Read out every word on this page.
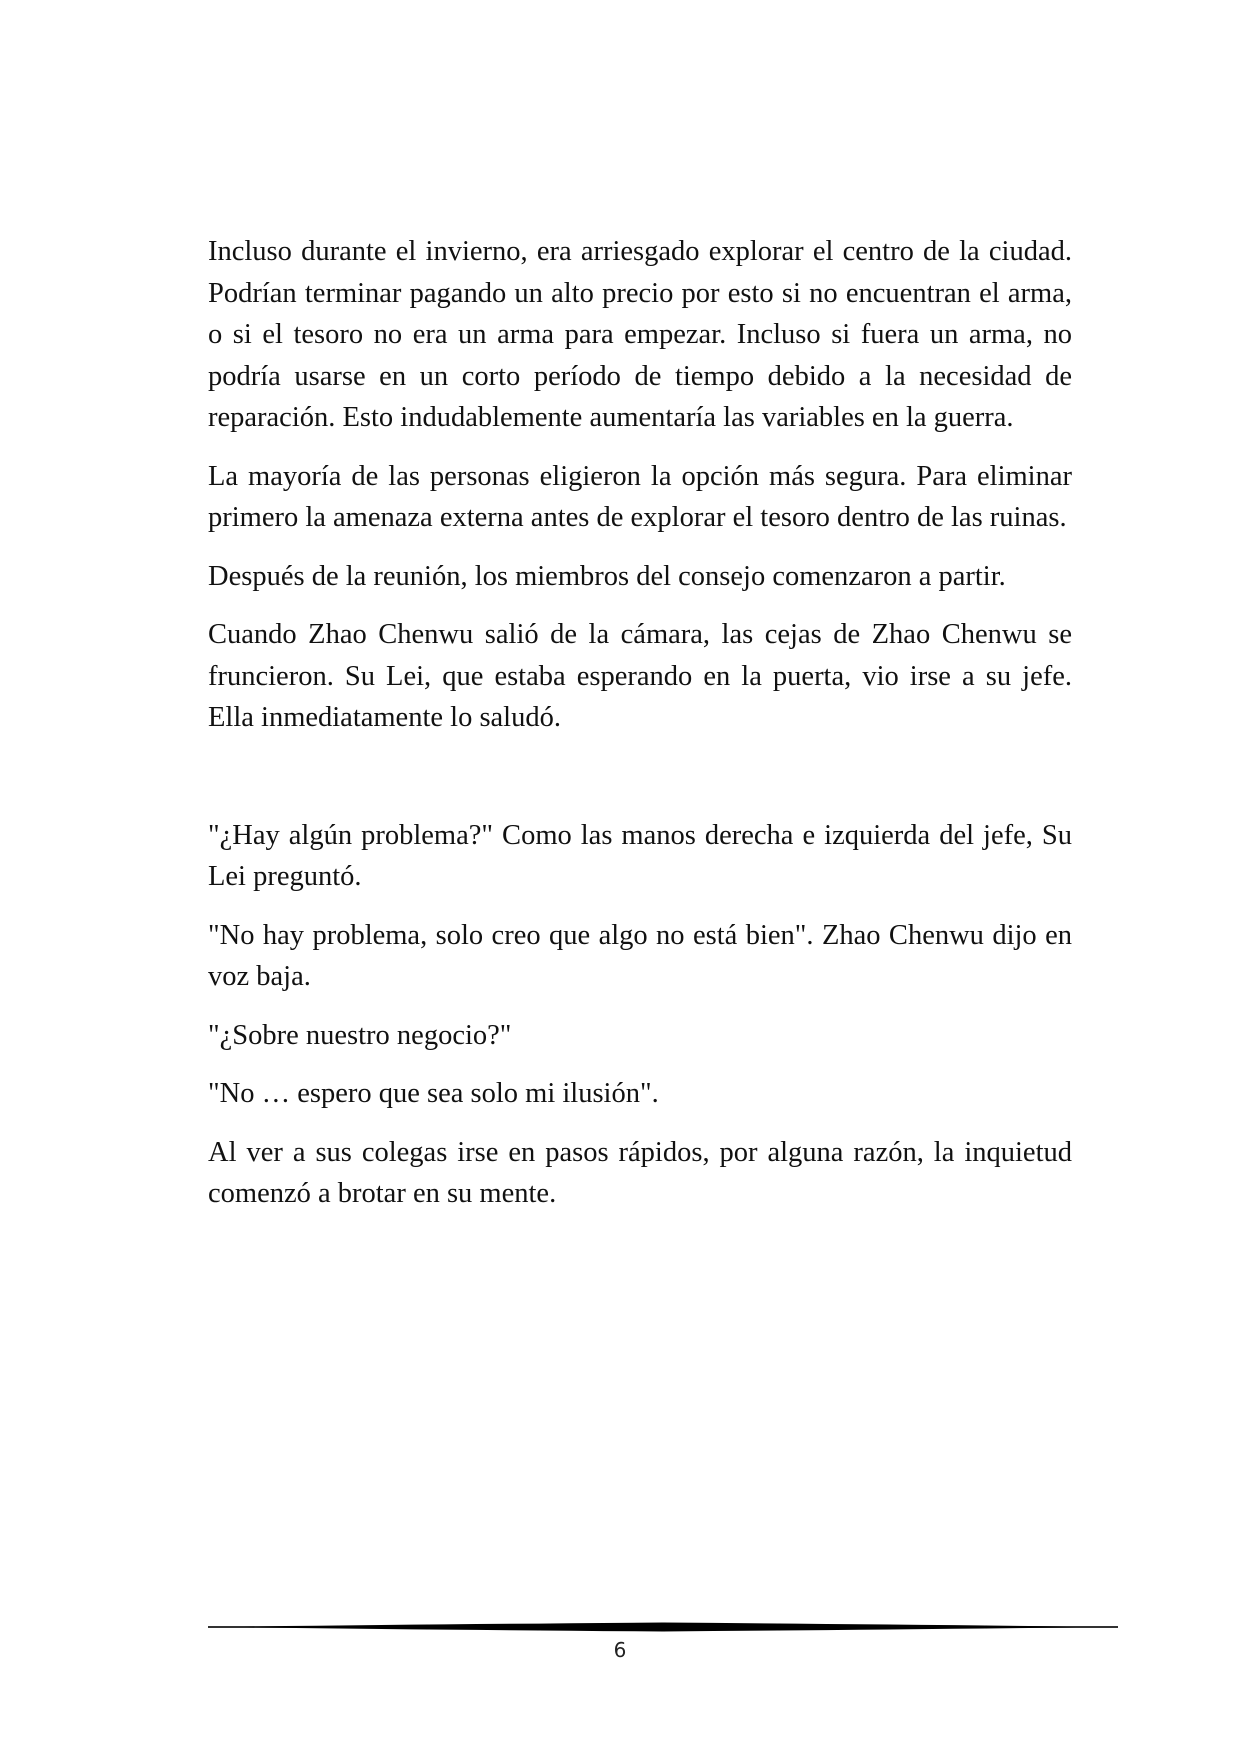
Incluso durante el invierno, era arriesgado explorar el centro de la ciudad. Podrían terminar pagando un alto precio por esto si no encuentran el arma, o si el tesoro no era un arma para empezar. Incluso si fuera un arma, no podría usarse en un corto período de tiempo debido a la necesidad de reparación. Esto indudablemente aumentaría las variables en la guerra.

La mayoría de las personas eligieron la opción más segura. Para eliminar primero la amenaza externa antes de explorar el tesoro dentro de las ruinas.

Después de la reunión, los miembros del consejo comenzaron a partir.

Cuando Zhao Chenwu salió de la cámara, las cejas de Zhao Chenwu se fruncieron. Su Lei, que estaba esperando en la puerta, vio irse a su jefe. Ella inmediatamente lo saludó.

"¿Hay algún problema?" Como las manos derecha e izquierda del jefe, Su Lei preguntó.

"No hay problema, solo creo que algo no está bien". Zhao Chenwu dijo en voz baja.

"¿Sobre nuestro negocio?"

"No … espero que sea solo mi ilusión".

Al ver a sus colegas irse en pasos rápidos, por alguna razón, la inquietud comenzó a brotar en su mente.

6
